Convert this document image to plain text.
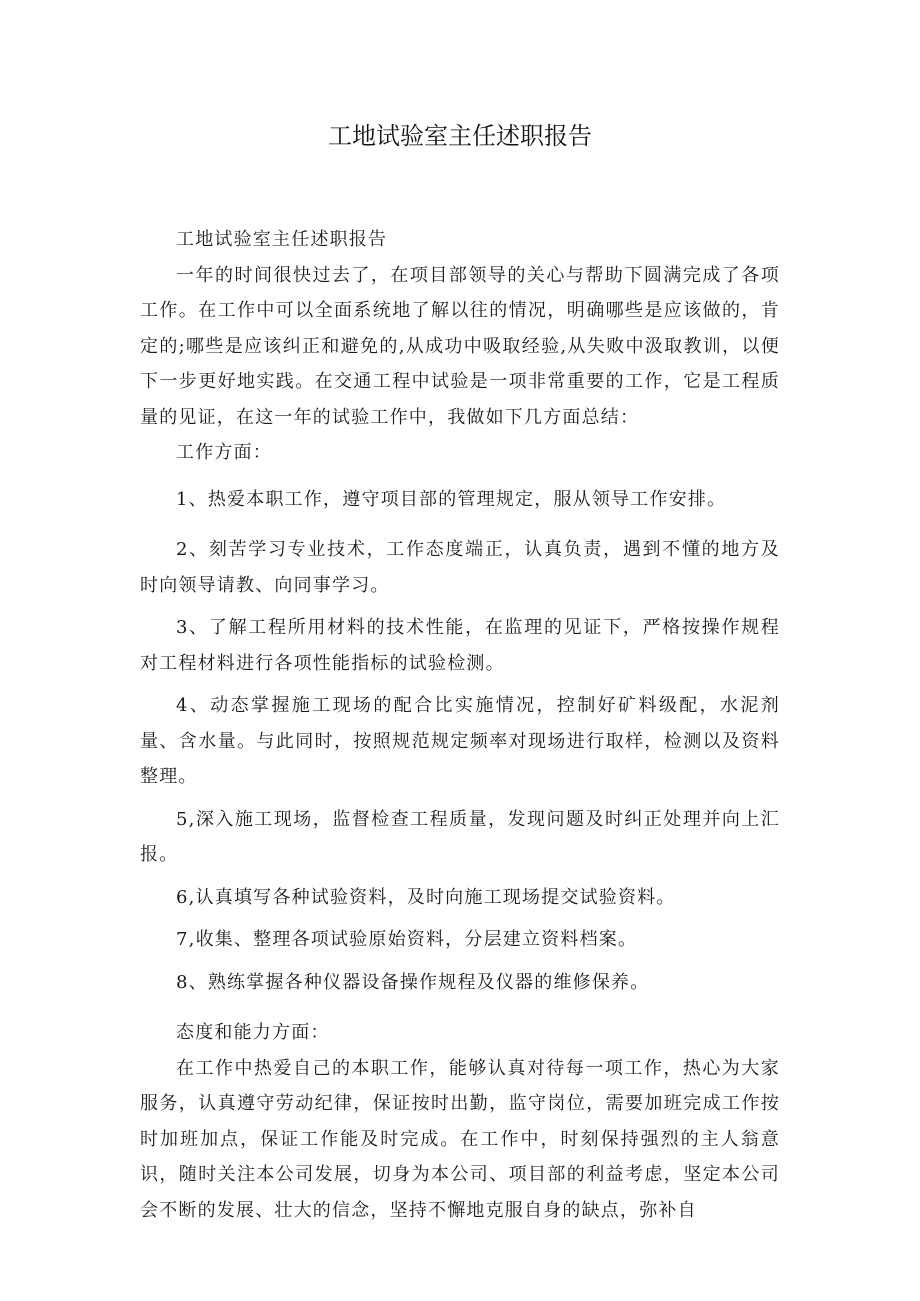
工地试验室主任述职报告

工地试验室主任述职报告

一年的时间很快过去了，在项目部领导的关心与帮助下圆满完成了各项工作。在工作中可以全面系统地了解以往的情况，明确哪些是应该做的，肯定的;哪些是应该纠正和避免的,从成功中吸取经验,从失败中汲取教训，以便下一步更好地实践。在交通工程中试验是一项非常重要的工作，它是工程质量的见证，在这一年的试验工作中，我做如下几方面总结：

工作方面：

1、热爱本职工作，遵守项目部的管理规定，服从领导工作安排。

2、刻苦学习专业技术，工作态度端正，认真负责，遇到不懂的地方及时向领导请教、向同事学习。

3、了解工程所用材料的技术性能，在监理的见证下，严格按操作规程对工程材料进行各项性能指标的试验检测。

4、动态掌握施工现场的配合比实施情况，控制好矿料级配，水泥剂量、含水量。与此同时，按照规范规定频率对现场进行取样，检测以及资料整理。

5,深入施工现场，监督检查工程质量，发现问题及时纠正处理并向上汇报。

6,认真填写各种试验资料，及时向施工现场提交试验资料。

7,收集、整理各项试验原始资料，分层建立资料档案。

8、熟练掌握各种仪器设备操作规程及仪器的维修保养。

态度和能力方面：

在工作中热爱自己的本职工作，能够认真对待每一项工作，热心为大家服务，认真遵守劳动纪律，保证按时出勤，监守岗位，需要加班完成工作按时加班加点，保证工作能及时完成。在工作中，时刻保持强烈的主人翁意识，随时关注本公司发展，切身为本公司、项目部的利益考虑，坚定本公司会不断的发展、壮大的信念，坚持不懈地克服自身的缺点，弥补自
